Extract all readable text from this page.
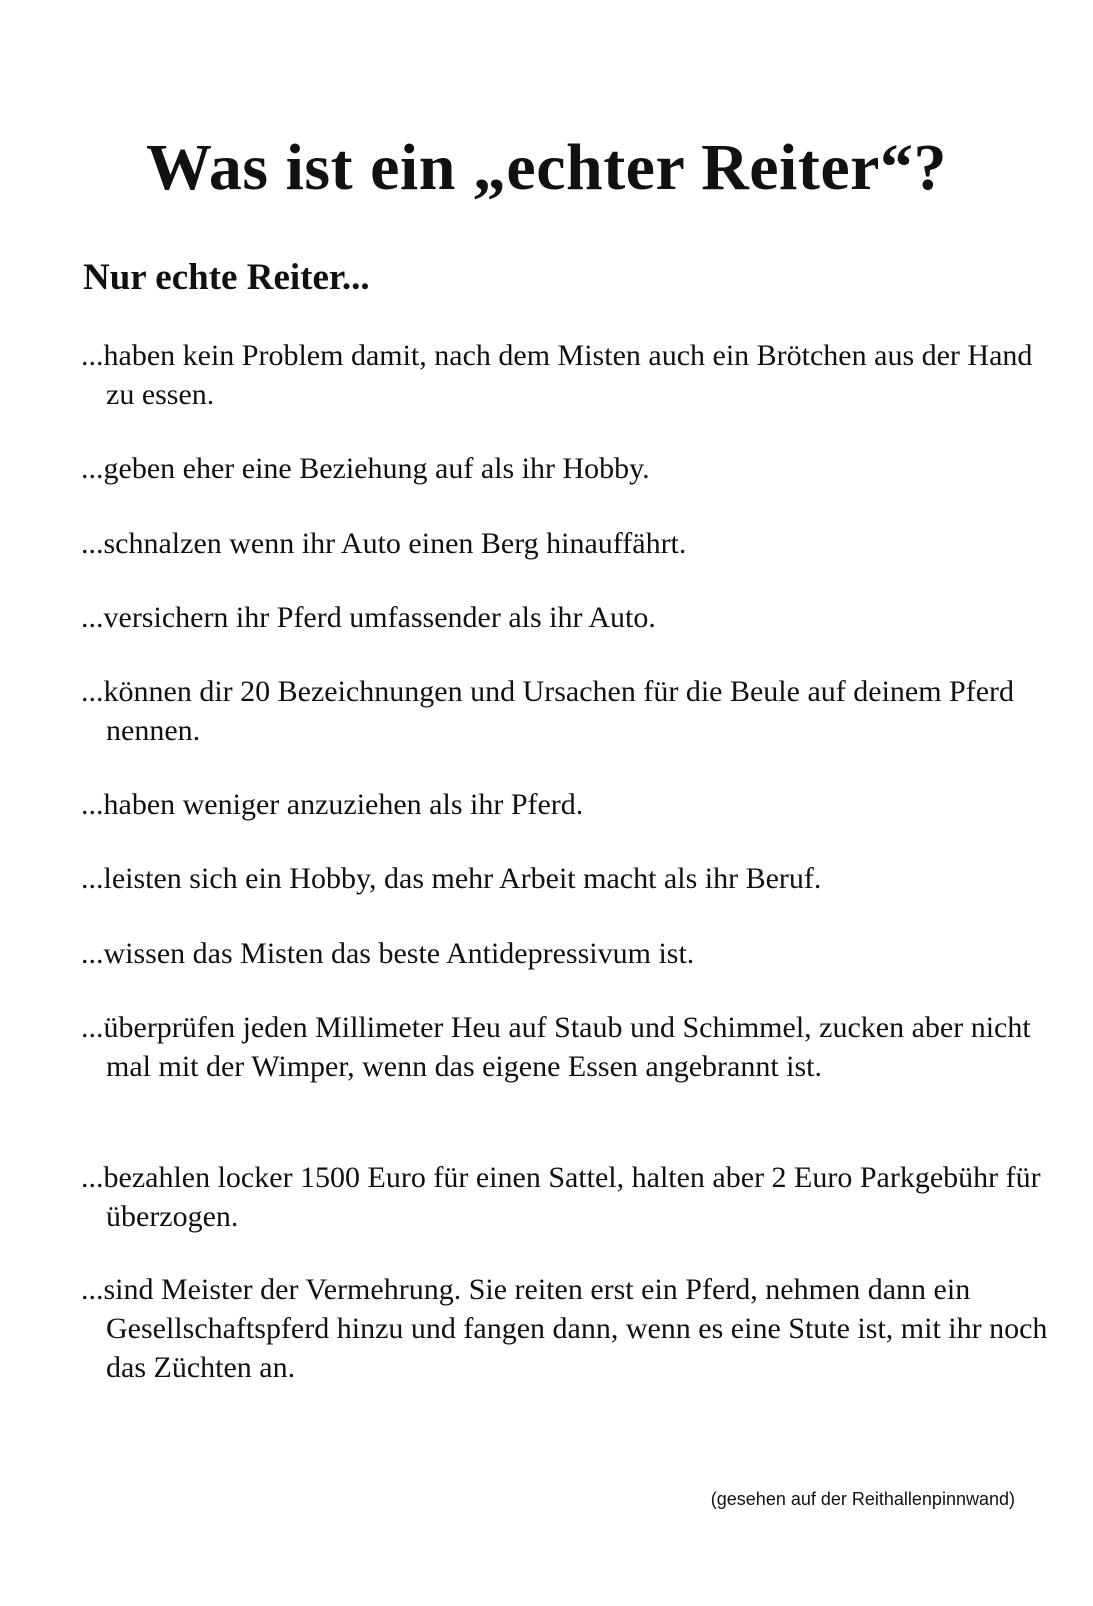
Was ist ein „echter Reiter“?
Nur echte Reiter...

...haben kein Problem damit, nach dem Misten auch ein Brötchen aus der Hand zu essen.

...geben eher eine Beziehung auf als ihr Hobby.

...schnalzen wenn ihr Auto einen Berg hinauffährt.

...versichern ihr Pferd umfassender als ihr Auto.

...können dir 20 Bezeichnungen und Ursachen für die Beule auf deinem Pferd nennen.

...haben weniger anzuziehen als ihr Pferd.

...leisten sich ein Hobby, das mehr Arbeit macht als ihr Beruf.

...wissen das Misten das beste Antidepressivum ist.

...überprüfen jeden Millimeter Heu auf Staub und Schimmel, zucken aber nicht mal mit der Wimper, wenn das eigene Essen angebrannt ist.

...bezahlen locker 1500 Euro für einen Sattel, halten aber 2 Euro Parkgebühr für überzogen.

...sind Meister der Vermehrung. Sie reiten erst ein Pferd, nehmen dann ein Gesellschaftspferd hinzu und fangen dann, wenn es eine Stute ist, mit ihr noch das Züchten an.

(gesehen auf der Reithallenpinnwand)
